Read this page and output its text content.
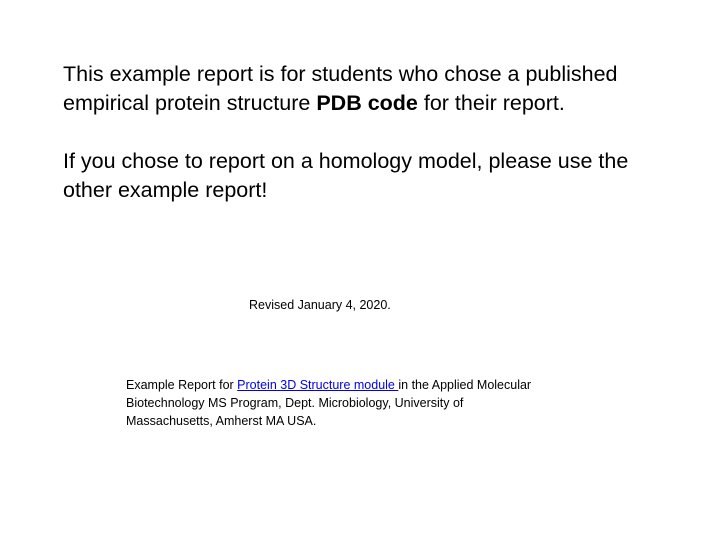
This example report is for students who chose a published empirical protein structure PDB code for their report.

If you chose to report on a homology model, please use the other example report!

Revised January 4, 2020.

Example Report for Protein 3D Structure module in the Applied Molecular Biotechnology MS Program, Dept. Microbiology, University of Massachusetts, Amherst MA USA.
